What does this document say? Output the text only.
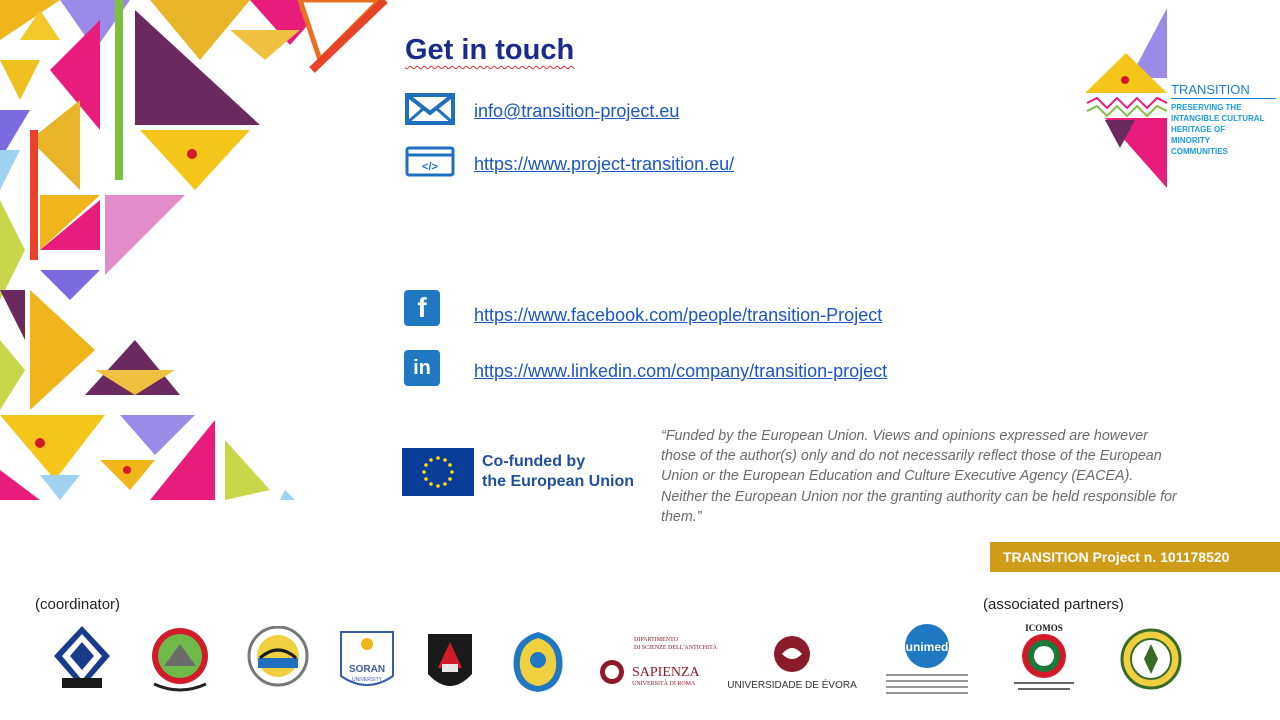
Get in touch
info@transition-project.eu
</> https://www.project-transition.eu/
f	https://www.facebook.com/people/transition-Project
in	https://www.linkedin.com/company/transition-project
Co-funded by
the European Union
“Funded by the European Union. Views and opinions expressed are however those of the author(s) only and do not necessarily reflect those of the European Union or the European Education and Culture Executive Agency (EACEA). Neither the European Union nor the granting authority can be held responsible for them.”
TRANSITION Project n. 101178520
TRANSITION
PRESERVING THE
INTANGIBLE CULTURAL
HERITAGE OF
MINORITY
COMMUNITIES
(coordinator)	(associated partners)
SORAN
UNIVERSITY
DIPARTIMENTO
DI SCIENZE DELL'ANTICHITÀ
SAPIENZA
UNIVERSITÀ DI ROMA	UNIVERSIDADE DE ÉVORA
unimed
ICOMOS
